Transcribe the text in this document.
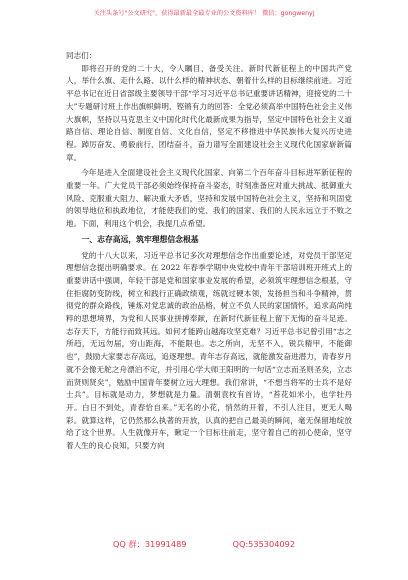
关注头条号"公文研究"，获得最新最全最专业的公文资料库！ 微信：gongwenyj

同志们：

即将召开的党的二十大，令人瞩目、备受关注。新时代新征程上的中国共产党人，举什么旗、走什么路、以什么样的精神状态、朝着什么样的目标继续前进。习近平总书记在近日省部级主要领导干部“学习习近平总书记重要讲话精神，迎接党的二十大”专题研讨班上作出旗帜鲜明、铿锵有力的回答：全党必须高举中国特色社会主义伟大旗帜，坚持以马克思主义中国化时代化最新成果为指导，坚定中国特色社会主义道路自信、理论自信、制度自信、文化自信，坚定不移推进中华民族伟大复兴历史进程。踔厉奋发、勇毅前行、团结奋斗，奋力谱写全面建设社会主义现代化国家崭新篇章。

今年是进入全面建设社会主义现代化国家、向第二个百年奋斗目标进军新征程的重要一年。广大党员干部必须始终保持奋斗姿态，时刻准备应对重大挑战、抵御重大风险、克服重大阻力、解决重大矛盾，坚持和发展中国特色社会主义，坚持和巩固党的领导地位和执政地位，才能使我们的党、我们的国家、我们的人民永远立于不败之地。下面，利用这个机会，我提几点希望。

一、志存高远，筑牢理想信念根基

党的十八大以来，习近平总书记多次对理想信念作出重要论述，对党员干部坚定理想信念提出明确要求。在 2022 年春季学期中央党校中青年干部培训班开班式上的重要讲话中强调，年轻干部是党和国家事业发展的希望，必须筑牢理想信念根基，守住拒腐防变防线，树立和践行正确政绩观，练就过硬本领，发扬担当和斗争精神，贯彻党的群众路线，锤炼对党忠诚的政治品格，树立不负人民的家国情怀，追求高尚纯粹的思想境界，为党和人民事业拼搏奉献，在新时代新征程上留下无悔的奋斗足迹。志存天下，方能行而致其远。如何才能跨山越海攻坚克难？习近平总书记曾引用“志之所趋，无远勿届，穷山距海，不能限也。志之所向，无坚不入，锐兵精甲，不能御也”，鼓励大家要志存高远，追逐理想。青年志存高远，就能激发奋进潜力，青春岁月就不会像无舵之舟漂泊不定，并引用心学大师王阳明的一句话“立志而圣则圣矣，立志而贤则贤矣”，勉励中国青年要树立远大理想。我们常讲，“不想当将军的士兵不是好士兵”。目标就是动力，梦想就是力量。清朝袁枚有首诗，“苔花如米小，也学牡丹开。白日不到处，青春恰自来。”无名的小花，悄然的开着，不引人注目，更无人喝彩。就算这样，它仍然那么执著的开放，认真的把自己最美的瞬间，毫无保留地绽放给了这个世界。人生就像开车，瞅定一个目标往前走，坚守着自己的初心使命，坚守着人生的良心良知，只要方向

QQ 群：31991489	QQ:535304092
